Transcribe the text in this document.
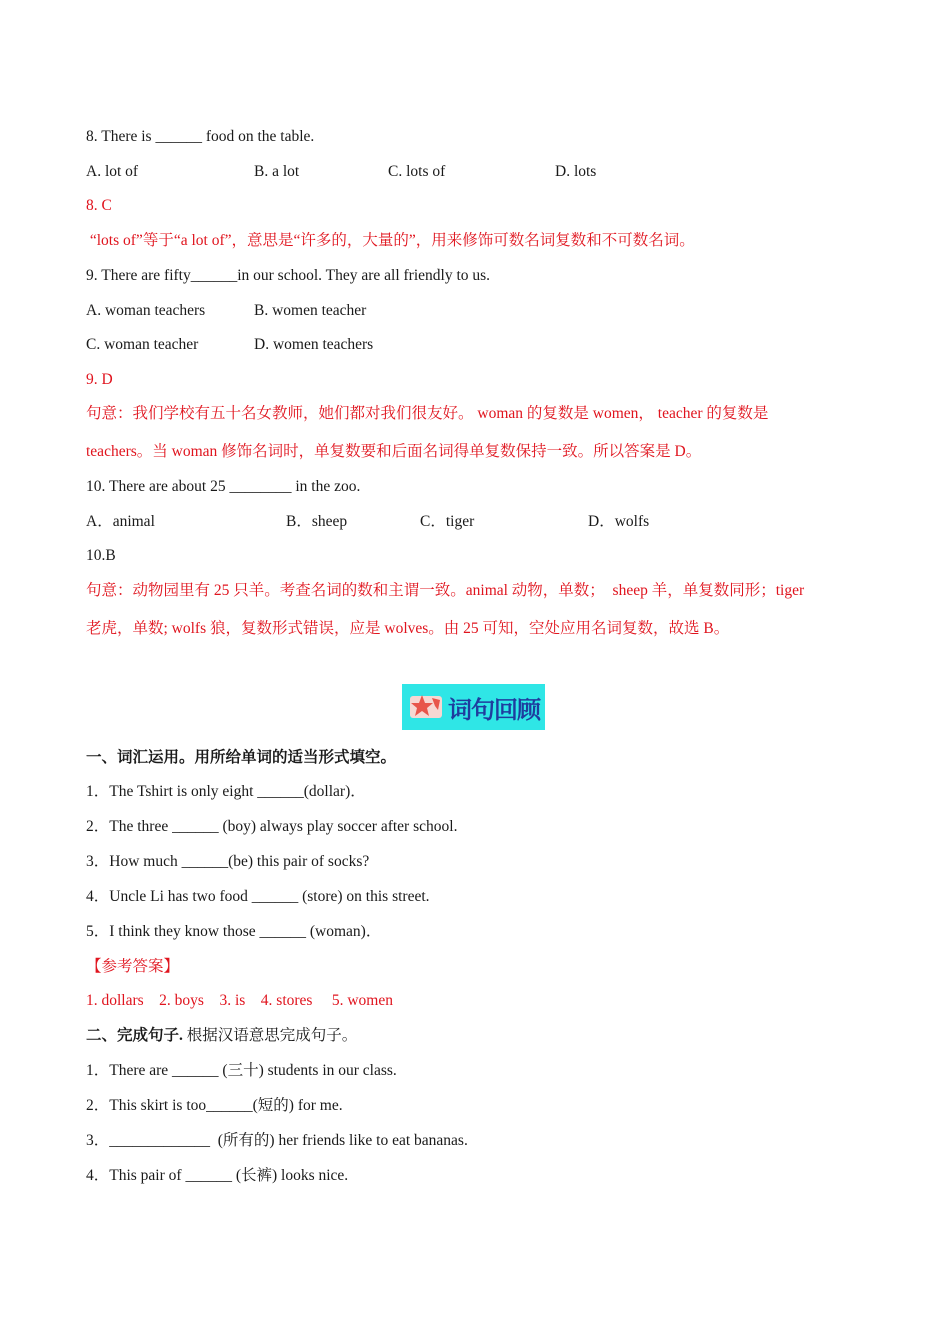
8. There is ______ food on the table.
A. lot of	B. a lot	C. lots of	D. lots
8. C
“lots of”等于“a lot of”，意思是“许多的，大量的”，用来修饰可数名词复数和不可数名词。
9. There are fifty______in our school. They are all friendly to us.
A. woman teachers	B. women teacher
C. woman teacher	D. women teachers
9. D
句意：我们学校有五十名女教师，她们都对我们很友好。 woman 的复数是 women， teacher 的复数是
teachers。当 woman 修饰名词时，单复数要和后面名词得单复数保持一致。所以答案是 D。
10. There are about 25 ________ in the zoo.
A．animal	B．sheep	C．tiger	D．wolfs
10.B
句意：动物园里有 25 只羊。考查名词的数和主谓一致。animal 动物，单数；  sheep 羊，单复数同形；tiger
老虎，单数; wolfs 狼，复数形式错误，应是 wolves。由 25 可知，空处应用名词复数，故选 B。
词句回顾
一、词汇运用。用所给单词的适当形式填空。
1．The Tshirt is only eight ______(dollar)．
2．The three ______ (boy) always play soccer after school.
3．How much ______(be) this pair of socks?
4．Uncle Li has two food ______ (store) on this street.
5．I think they know those ______ (woman)．
【参考答案】
1. dollars    2. boys    3. is    4. stores     5. women
二、完成句子. 根据汉语意思完成句子。
1．There are ______ (三十) students in our class.
2．This skirt is too______(短的) for me.
3．_____________  (所有的) her friends like to eat bananas.
4．This pair of ______ (长裤) looks nice.
